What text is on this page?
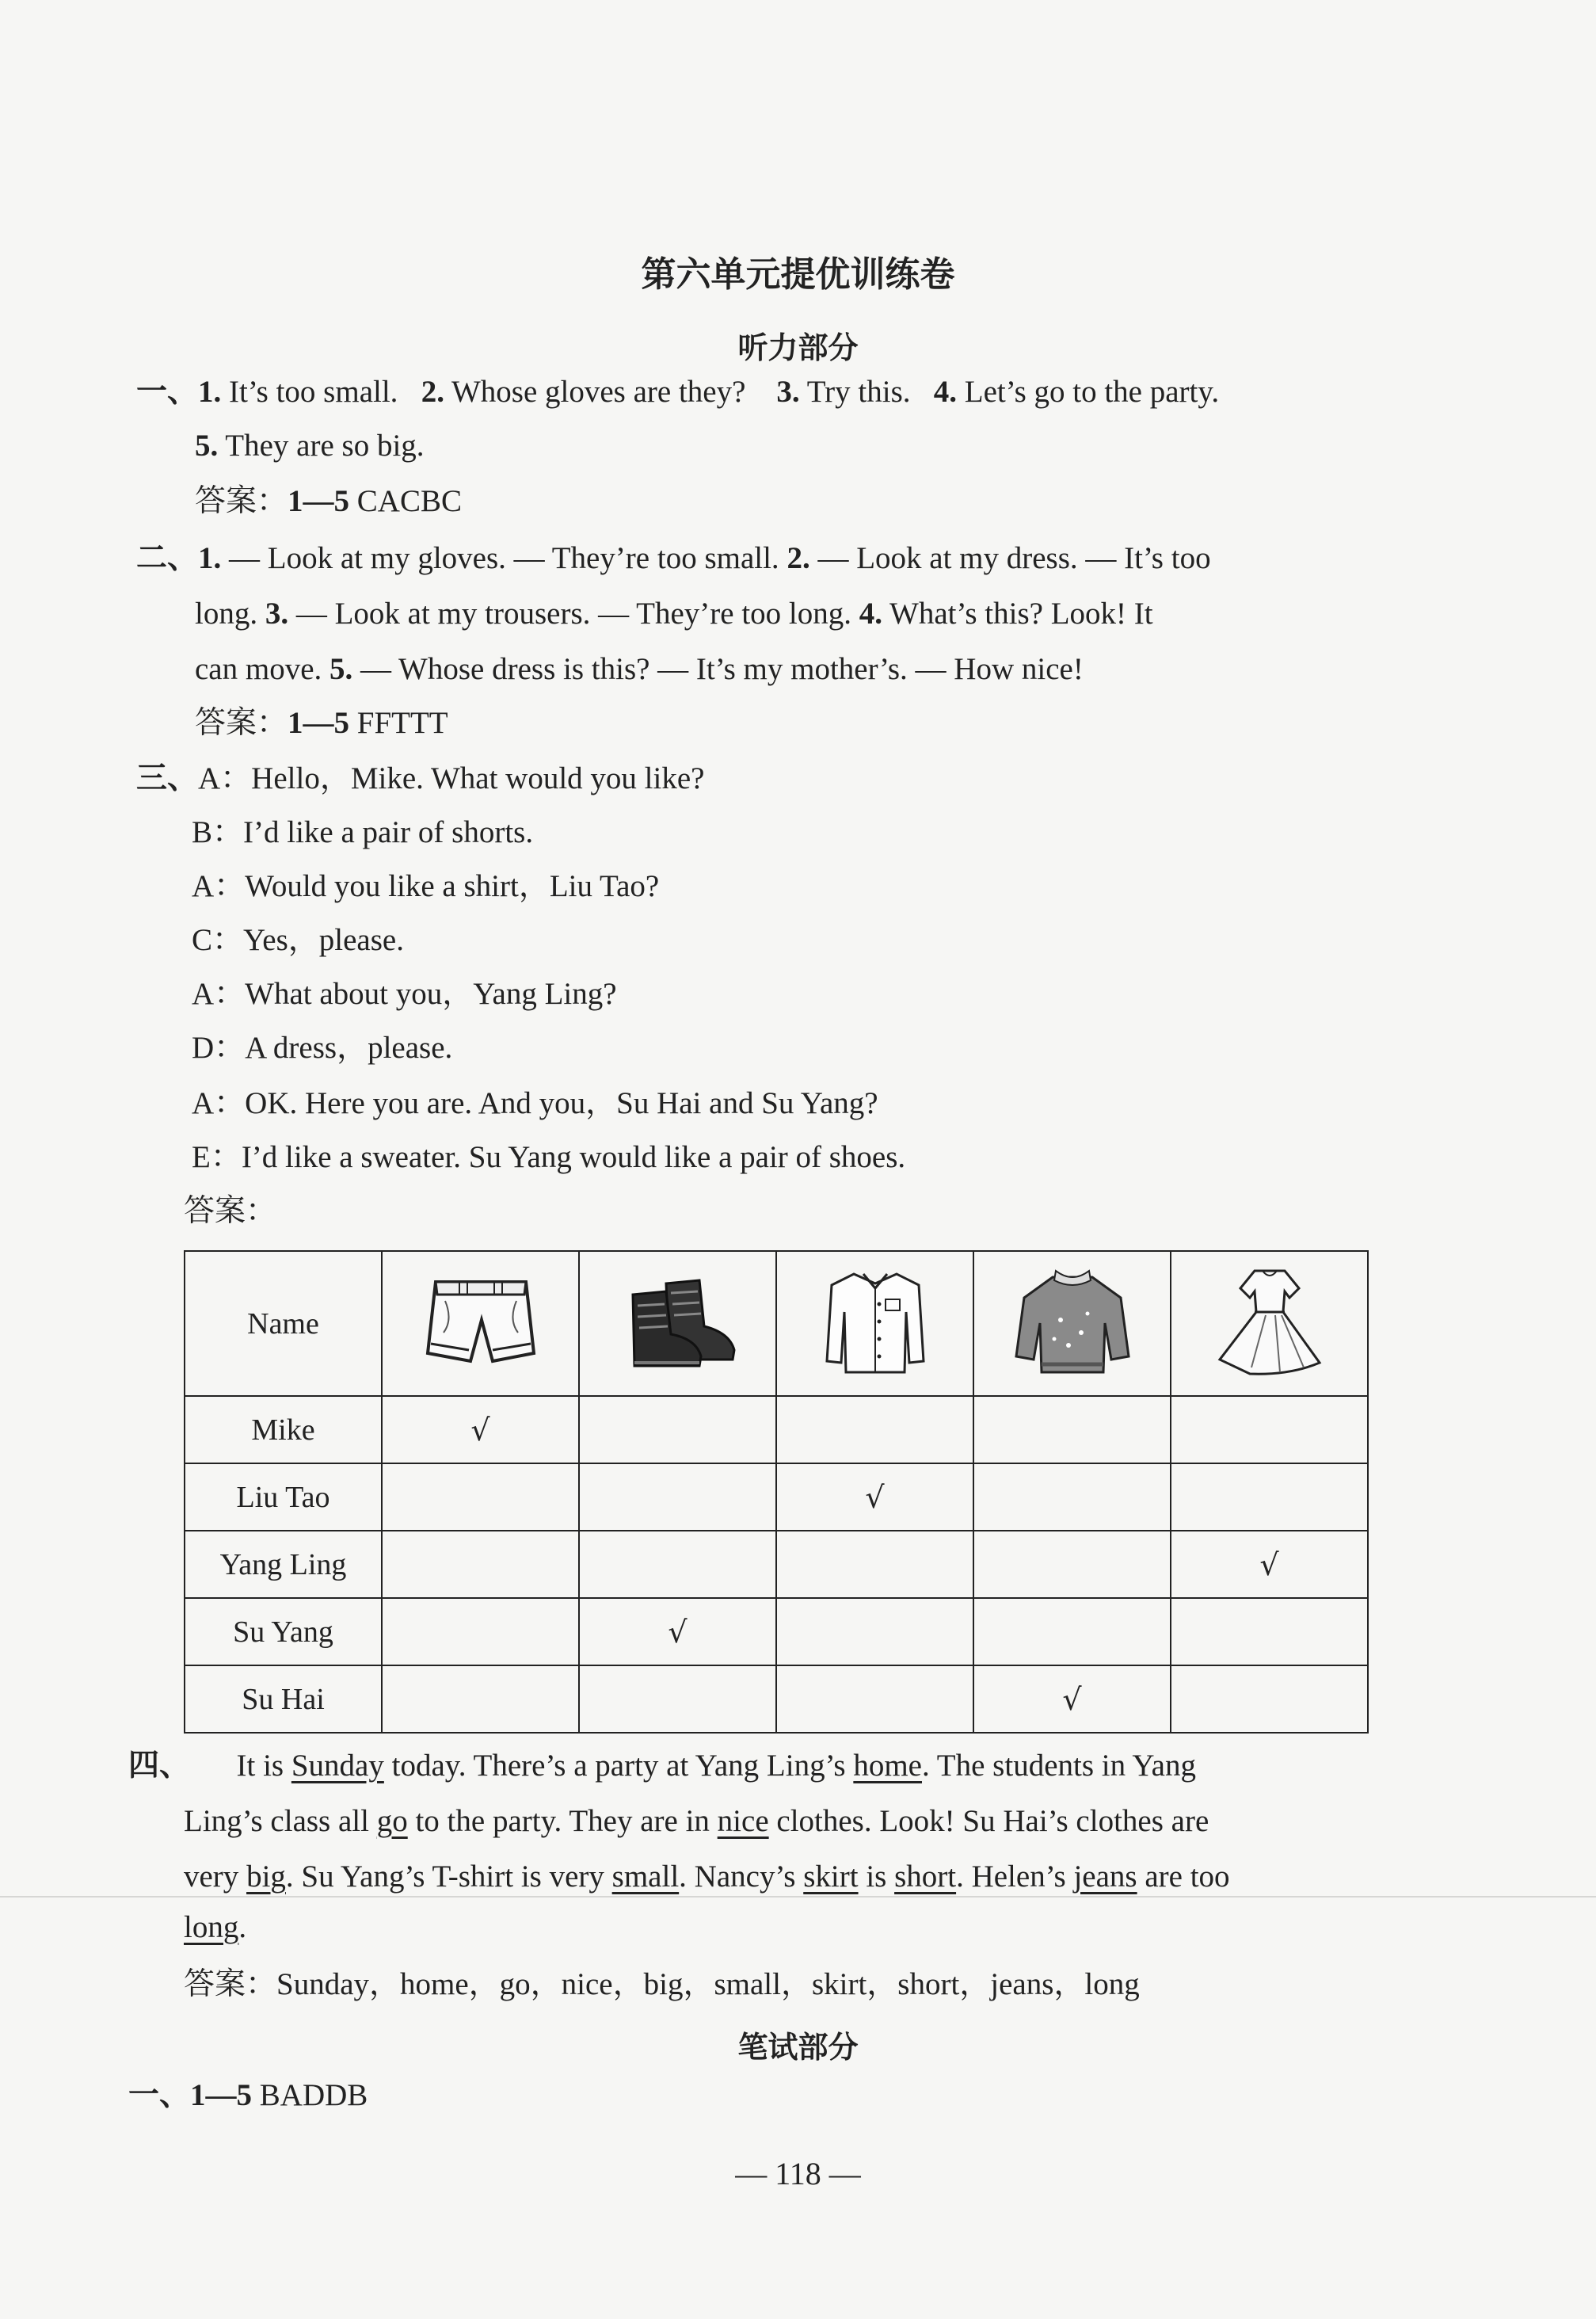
第六单元提优训练卷
听力部分
一、1. It’s too small. 2. Whose gloves are they? 3. Try this. 4. Let’s go to the party.
5. They are so big.
答案：1—5 CACBC
二、1. — Look at my gloves. — They’re too small. 2. — Look at my dress. — It’s too
long. 3. — Look at my trousers. — They’re too long. 4. What’s this? Look! It
can move. 5. — Whose dress is this? — It’s my mother’s. — How nice!
答案：1—5 FFTTT
三、A：Hello，Mike. What would you like?
B：I’d like a pair of shorts.
A：Would you like a shirt，Liu Tao?
C：Yes，please.
A：What about you，Yang Ling?
D：A dress，please.
A：OK. Here you are. And you，Su Hai and Su Yang?
E：I’d like a sweater. Su Yang would like a pair of shoes.
答案：
Name					
Mike	√				
Liu Tao			√		
Yang Ling					√
Su Yang		√			
Su Hai				√	
四、 It is Sunday today. There’s a party at Yang Ling’s home. The students in Yang
Ling’s class all go to the party. They are in nice clothes. Look! Su Hai’s clothes are
very big. Su Yang’s T-shirt is very small. Nancy’s skirt is short. Helen’s jeans are too
long.
答案：Sunday，home，go，nice，big，small，skirt，short，jeans，long
笔试部分
一、1—5 BADDB
— 118 —
